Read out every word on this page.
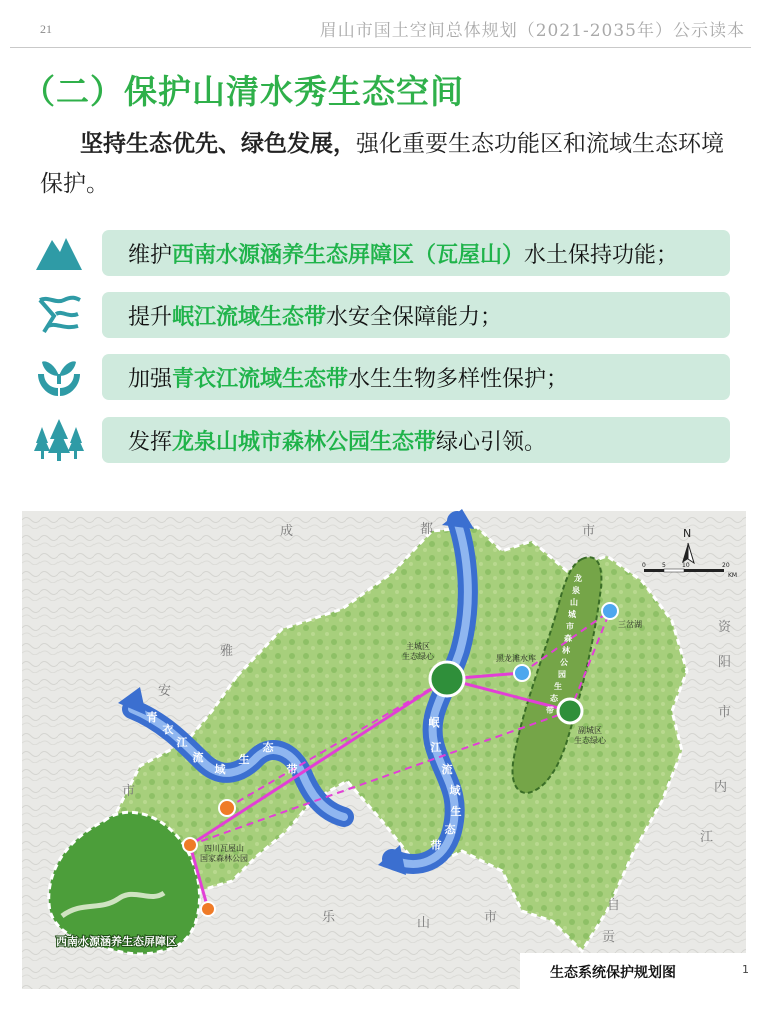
21	眉山市国土空间总体规划（2021-2035年）公示读本
（二）保护山清水秀生态空间
坚持生态优先、绿色发展，强化重要生态功能区和流域生态环境保护。
维护西南水源涵养生态屏障区（瓦屋山）水土保持功能；
提升岷江流域生态带水安全保障能力；
加强青衣江流域生态带水生生物多样性保护；
发挥龙泉山城市森林公园生态带绿心引领。
成	都	市
雅
安
市
资
阳
市
内
江
乐	山	市
自
贡
岷
江
流
域
生
态
带
青
衣
江
流
域
生
态
带
龙
泉
山
城
市
森
林
公
园
生
态
带
主城区生态绿心	黑龙滩水库
副城区生态绿心
三岔湖
四川瓦屋山国家森林公园
西南水源涵养生态屏障区
N
0	5	10	20
KM
生态系统保护规划图	1
